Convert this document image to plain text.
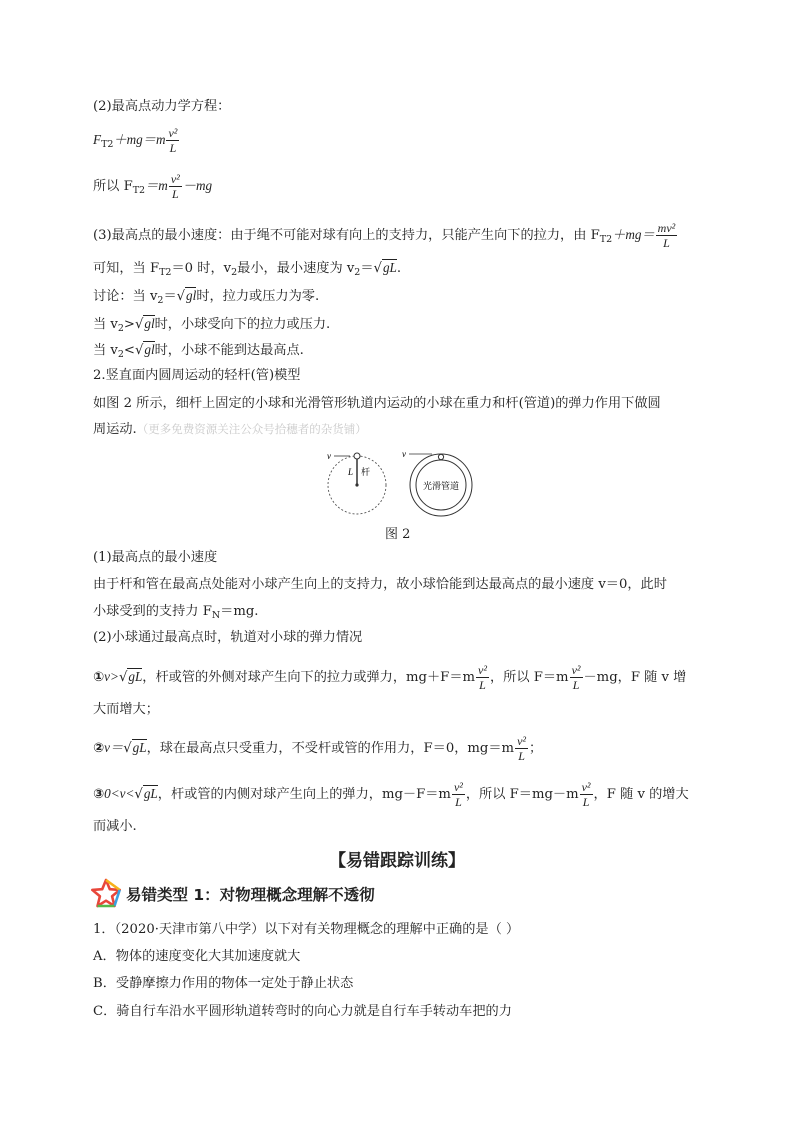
(2)最高点动力学方程：
$F_{T2}+mg=m \frac{\text{v²}}{L}$
所以 $F_{T2}=m \frac{\text{v²}}{L} -mg$
(3)最高点的最小速度：由于绳不可能对球有向上的支持力，只能产生向下的拉力，由 $F_{T2}+mg= \frac{\text{mv²}}{L}$
可知，当 $F_{T2}=0$ 时，$v_2$最小，最小速度为 $v_2=√gL$.
讨论：当 $v_2=√gl$时，拉力或压力为零.
当 $v_2>√gl$时，小球受向下的拉力或压力.
当 $v_2<√gl$时，小球不能到达最高点.
2.竖直面内圆周运动的轻杆(管)模型
如图 2 所示，细杆上固定的小球和光滑管形轨道内运动的小球在重力和杆(管道)的弹力作用下做圆
周运动.（更多免费资源关注公众号拾穗者的杂货铺）
v
L 杆
v
光滑管道
图 2
(1)最高点的最小速度
由于杆和管在最高点处能对小球产生向上的支持力，故小球恰能到达最高点的最小速度 v＝0，此时
小球受到的支持力 $F_N=mg$.
(2)小球通过最高点时，轨道对小球的弹力情况
①v>√gL，杆或管的外侧对球产生向下的拉力或弹力，$mg+F=m \frac{\text{v²}}{L}$ ，所以 $F=m \frac{\text{v²}}{L} -mg$，F 随 v 增
大而增大；
②v＝√gL，球在最高点只受重力，不受杆或管的作用力，F＝0，$mg=m \frac{\text{v²}}{L}$ ；
③0<v<√gL，杆或管的内侧对球产生向上的弹力，$mg-F=m \frac{\text{v²}}{L}$ ，所以 $F=mg-m \frac{\text{v²}}{L}$ ，F 随 v 的增大
而减小.
【易错跟踪训练】
易错类型 1：对物理概念理解不透彻
1．（2020·天津市第八中学）以下对有关物理概念的理解中正确的是（ ）
A．物体的速度变化大其加速度就大
B．受静摩擦力作用的物体一定处于静止状态
C．骑自行车沿水平圆形轨道转弯时的向心力就是自行车手转动车把的力
